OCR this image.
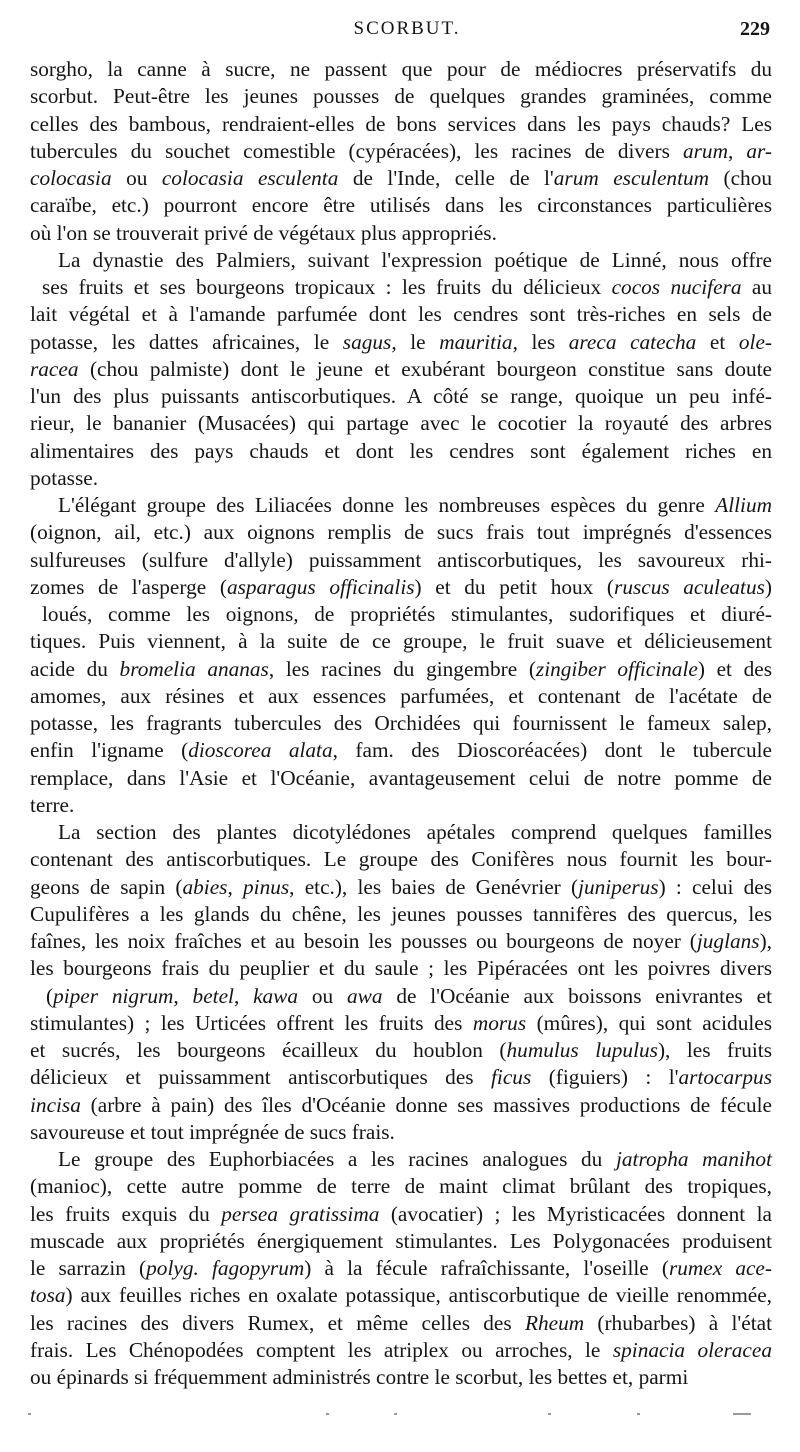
SCORBUT.	229
sorgho, la canne à sucre, ne passent que pour de médiocres préservatifs du
scorbut. Peut-être les jeunes pousses de quelques grandes graminées, comme
celles des bambous, rendraient-elles de bons services dans les pays chauds? Les
tubercules du souchet comestible (cypéracées), les racines de divers arum, ar-
colocasia ou colocasia esculenta de l'Inde, celle de l'arum esculentum (chou
caraïbe, etc.) pourront encore être utilisés dans les circonstances particulières
où l'on se trouverait privé de végétaux plus appropriés.
La dynastie des Palmiers, suivant l'expression poétique de Linné, nous offre
ses fruits et ses bourgeons tropicaux : les fruits du délicieux cocos nucifera au
lait végétal et à l'amande parfumée dont les cendres sont très-riches en sels de
potasse, les dattes africaines, le sagus, le mauritia, les areca catecha et ole-
racea (chou palmiste) dont le jeune et exubérant bourgeon constitue sans doute
l'un des plus puissants antiscorbutiques. A côté se range, quoique un peu infé-
rieur, le bananier (Musacées) qui partage avec le cocotier la royauté des arbres
alimentaires des pays chauds et dont les cendres sont également riches en
potasse.
L'élégant groupe des Liliacées donne les nombreuses espèces du genre Allium
(oignon, ail, etc.) aux oignons remplis de sucs frais tout imprégnés d'essences
sulfureuses (sulfure d'allyle) puissamment antiscorbutiques, les savoureux rhi-
zomes de l'asperge (asparagus officinalis) et du petit houx (ruscus aculeatus)
loués, comme les oignons, de propriétés stimulantes, sudorifiques et diuré-
tiques. Puis viennent, à la suite de ce groupe, le fruit suave et délicieusement
acide du bromelia ananas, les racines du gingembre (zingiber officinale) et des
amomes, aux résines et aux essences parfumées, et contenant de l'acétate de
potasse, les fragrants tubercules des Orchidées qui fournissent le fameux salep,
enfin l'igname (dioscorea alata, fam. des Dioscoréacées) dont le tubercule
remplace, dans l'Asie et l'Océanie, avantageusement celui de notre pomme de
terre.
La section des plantes dicotylédones apétales comprend quelques familles
contenant des antiscorbutiques. Le groupe des Conifères nous fournit les bour-
geons de sapin (abies, pinus, etc.), les baies de Genévrier (juniperus) : celui des
Cupulifères a les glands du chêne, les jeunes pousses tannifères des quercus, les
faînes, les noix fraîches et au besoin les pousses ou bourgeons de noyer (juglans),
les bourgeons frais du peuplier et du saule ; les Pipéracées ont les poivres divers
(piper nigrum, betel, kawa ou awa de l'Océanie aux boissons enivrantes et
stimulantes) ; les Urticées offrent les fruits des morus (mûres), qui sont acidules
et sucrés, les bourgeons écailleux du houblon (humulus lupulus), les fruits
délicieux et puissamment antiscorbutiques des ficus (figuiers) : l'artocarpus
incisa (arbre à pain) des îles d'Océanie donne ses massives productions de fécule
savoureuse et tout imprégnée de sucs frais.
Le groupe des Euphorbiacées a les racines analogues du jatropha manihot
(manioc), cette autre pomme de terre de maint climat brûlant des tropiques,
les fruits exquis du persea gratissima (avocatier) ; les Myristicacées donnent la
muscade aux propriétés énergiquement stimulantes. Les Polygonacées produisent
le sarrazin (polyg. fagopyrum) à la fécule rafraîchissante, l'oseille (rumex ace-
tosa) aux feuilles riches en oxalate potassique, antiscorbutique de vieille renommée,
les racines des divers Rumex, et même celles des Rheum (rhubarbes) à l'état
frais. Les Chénopodées comptent les atriplex ou arroches, le spinacia oleracea
ou épinards si fréquemment administrés contre le scorbut, les bettes et, parmi
